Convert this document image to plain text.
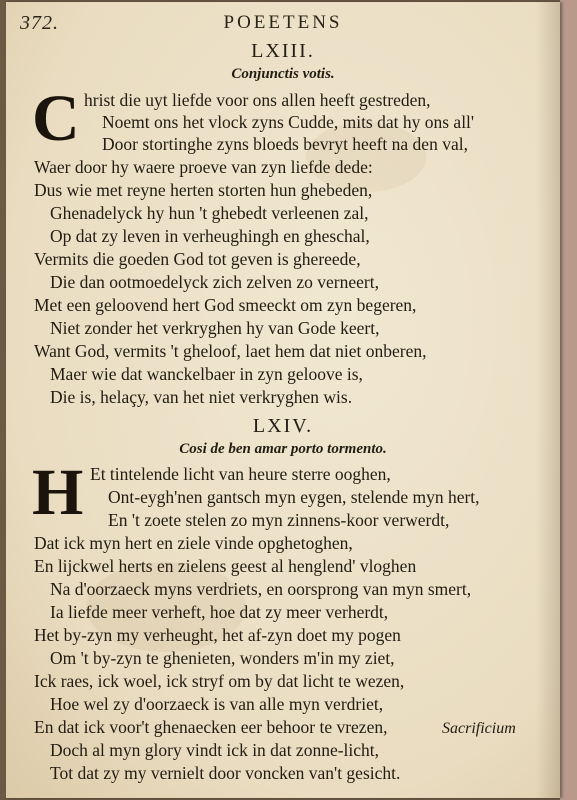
372.	POEETENS
LXIII.
Conjunctis votis.
C hrist die uyt liefde voor ons allen heeft gestreden,
Noemt ons het vlock zyns Cudde, mits dat hy ons all'
Door stortinghe zyns bloeds bevryt heeft na den val,
Waer door hy waere proeve van zyn liefde dede:
Dus wie met reyne herten storten hun ghebeden,
Ghenadelyck hy hun 't ghebedt verleenen zal,
Op dat zy leven in verheughingh en gheschal,
Vermits die goeden God tot geven is ghereede,
Die dan ootmoedelyck zich zelven zo verneert,
Met een geloovend hert God smeeckt om zyn begeren,
Niet zonder het verkryghen hy van Gode keert,
Want God, vermits 't gheloof, laet hem dat niet onberen,
Maer wie dat wanckelbaer in zyn geloove is,
Die is, helaçy, van het niet verkryghen wis.
LXIV.
Cosi de ben amar porto tormento.
H Et tintelende licht van heure sterre ooghen,
Ont-eygh'nen gantsch myn eygen, stelende myn hert,
En 't zoete stelen zo myn zinnens-koor verwerdt,
Dat ick myn hert en ziele vinde opghetoghen,
En lijckwel herts en zielens geest al henglend' vloghen
Na d'oorzaeck myns verdriets, en oorsprong van myn smert,
Ia liefde meer verheft, hoe dat zy meer verherdt,
Het by-zyn my verheught, het af-zyn doet my pogen
Om 't by-zyn te ghenieten, wonders m'in my ziet,
Ick raes, ick woel, ick stryf om by dat licht te wezen,
Hoe wel zy d'oorzaeck is van alle myn verdriet,
En dat ick voor't ghenaecken eer behoor te vrezen,
Doch al myn glory vindt ick in dat zonne-licht,
Tot dat zy my vernielt door voncken van't gesicht.
Sacrificium
